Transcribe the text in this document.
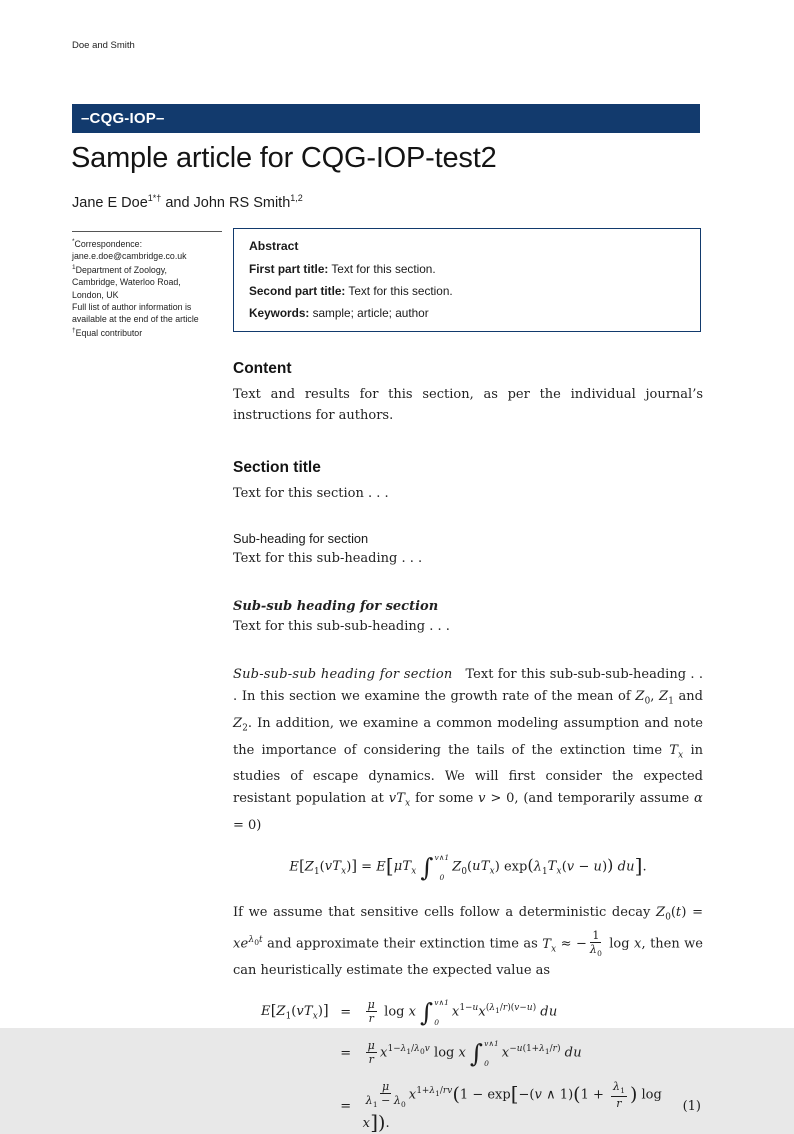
Doe and Smith
–CQG-IOP–
Sample article for CQG-IOP-test2
Jane E Doe$^{1*\dagger}$ and John RS Smith$^{1,2}$
*Correspondence:
jane.e.doe@cambridge.co.uk
$^1$Department of Zoology,
Cambridge, Waterloo Road,
London, UK
Full list of author information is
available at the end of the article
†Equal contributor
Abstract
First part title: Text for this section.
Second part title: Text for this section.
Keywords: sample; article; author
Content

Text and results for this section, as per the individual journal’s instructions for authors.

Section title

Text for this section . . .

Sub-heading for section

Text for this sub-heading . . .

Sub-sub heading for section

Text for this sub-sub-heading . . .

Sub-sub-sub heading for section   Text for this sub-sub-sub-heading . . . In this section we examine the growth rate of the mean of $Z_0$, $Z_1$ and $Z_2$. In addition, we examine a common modeling assumption and note the importance of considering the tails of the extinction time $T_x$ in studies of escape dynamics. We will first consider the expected resistant population at $vT_x$ for some v > 0, (and temporarily assume α = 0)

$E[Z_1(vT_x)] = E[\mu T_x$ ∫ v∧1
0
$Z_0(uT_x) \exp(\lambda_1T_x(v - u))$ du].

If we assume that sensitive cells follow a deterministic decay $Z_0(t) = xe^{\lambda_0t}$ and approximate their extinction time as $T_x$ ≈ − $\frac{1}{\lambda_0}$ log x, then we can heuristically estimate the expected value as

$E[Z_1(vT_x)]$ =	$\frac{\mu}{r}$ log x ∫ v∧1
0
$x^{1-u}x^{(\lambda_1/r)(v-u)}$ du
=	$\frac{\mu}{r} x^{1-\lambda_1/\lambda_0v}$ log x ∫ v∧1
0
$x^{-u(1+\lambda_1/r)}$ du
=	$\frac{\mu}{\lambda_1 - \lambda_0} x^{1+\lambda_1/rv}(1 - \exp[-(v$ ∧ $1)(1 + \frac{\lambda_1}{r}$ ) log x]).
(1)
